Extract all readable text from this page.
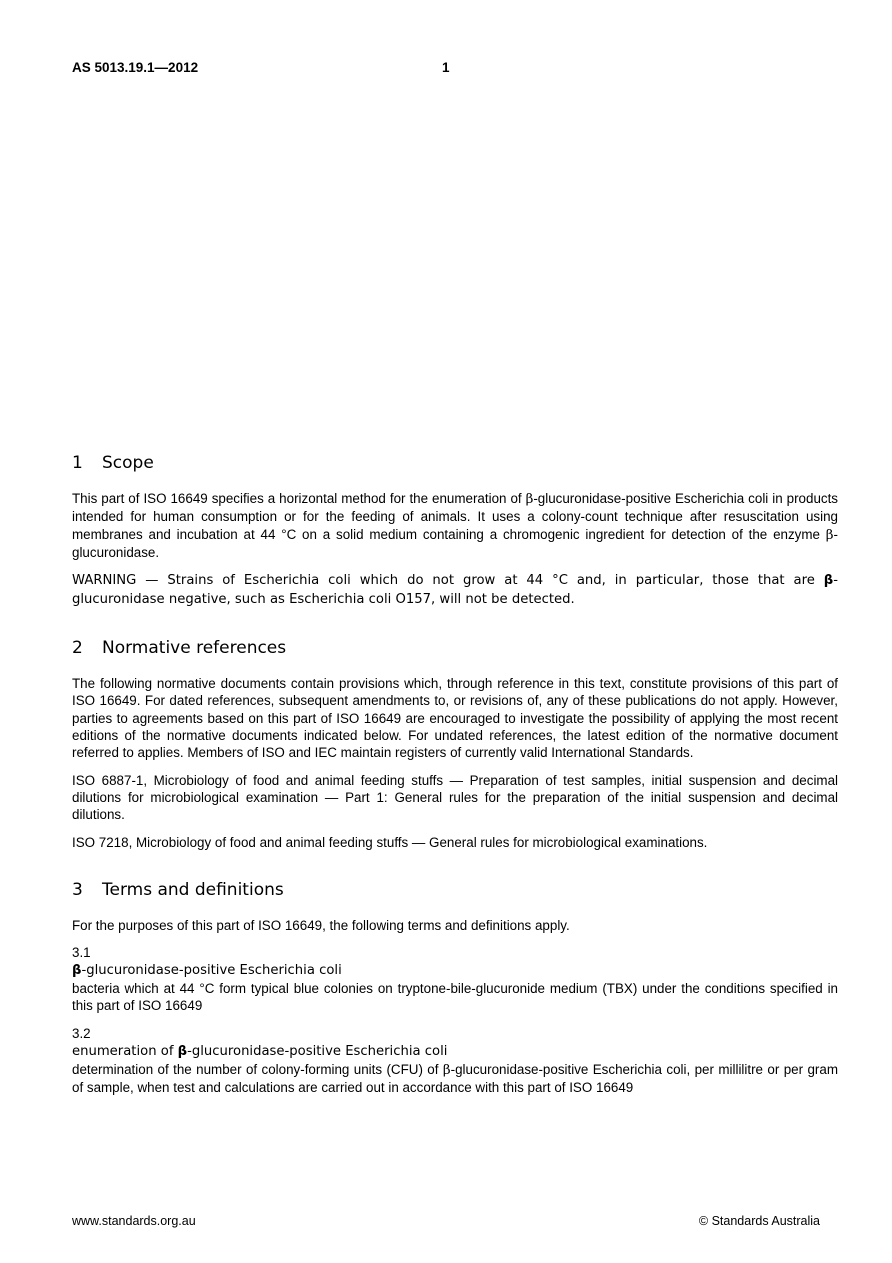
AS 5013.19.1—2012	1
1 Scope

This part of ISO 16649 specifies a horizontal method for the enumeration of β-glucuronidase-positive Escherichia coli in products intended for human consumption or for the feeding of animals. It uses a colony-count technique after resuscitation using membranes and incubation at 44 °C on a solid medium containing a chromogenic ingredient for detection of the enzyme β-glucuronidase.

WARNING — Strains of Escherichia coli which do not grow at 44 °C and, in particular, those that are β-glucuronidase negative, such as Escherichia coli O157, will not be detected.

2 Normative references

The following normative documents contain provisions which, through reference in this text, constitute provisions of this part of ISO 16649. For dated references, subsequent amendments to, or revisions of, any of these publications do not apply. However, parties to agreements based on this part of ISO 16649 are encouraged to investigate the possibility of applying the most recent editions of the normative documents indicated below. For undated references, the latest edition of the normative document referred to applies. Members of ISO and IEC maintain registers of currently valid International Standards.

ISO 6887-1, Microbiology of food and animal feeding stuffs — Preparation of test samples, initial suspension and decimal dilutions for microbiological examination — Part 1: General rules for the preparation of the initial suspension and decimal dilutions.

ISO 7218, Microbiology of food and animal feeding stuffs — General rules for microbiological examinations.

3 Terms and definitions

For the purposes of this part of ISO 16649, the following terms and definitions apply.

3.1
β-glucuronidase-positive Escherichia coli

bacteria which at 44 °C form typical blue colonies on tryptone-bile-glucuronide medium (TBX) under the conditions specified in this part of ISO 16649

3.2
enumeration of β-glucuronidase-positive Escherichia coli

determination of the number of colony-forming units (CFU) of β-glucuronidase-positive Escherichia coli, per millilitre or per gram of sample, when test and calculations are carried out in accordance with this part of ISO 16649

www.standards.org.au	© Standards Australia
